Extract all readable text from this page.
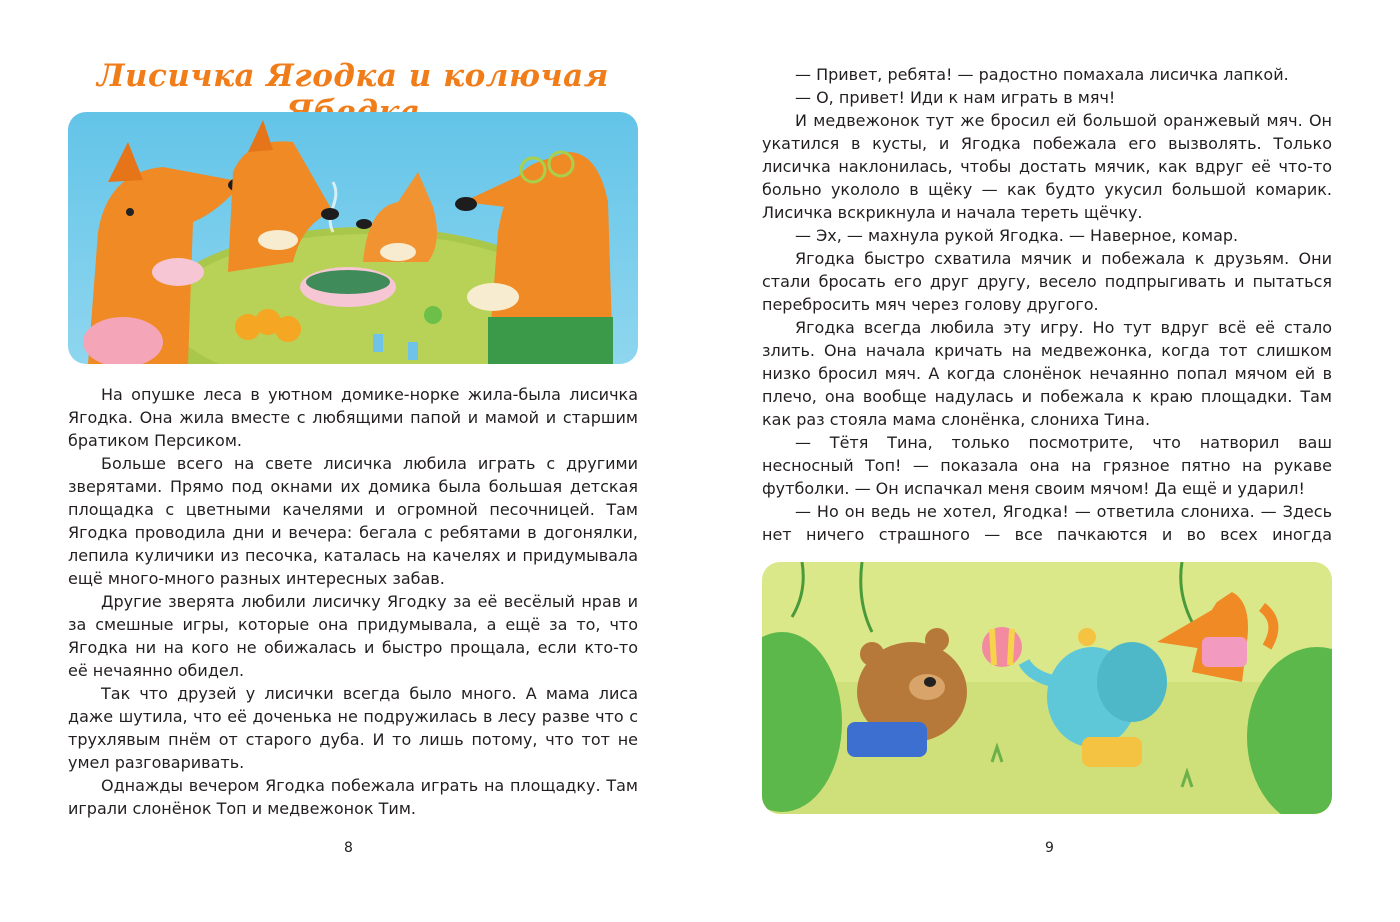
Лисичка Ягодка и колючая

На опушке леса в уютном домике-норке жила-была лисичка Ягодка. Она жила вместе с любящими папой и мамой и старшим братиком Персиком.

Больше всего на свете лисичка любила играть с другими зверятами. Прямо под окнами их домика была большая детская площадка с цветными качелями и огромной песочницей. Там Ягодка проводила дни и вечера: бегала с ребятами в догонялки, лепила куличики из песочка, каталась на качелях и придумывала ещё много-много разных интересных забав.

Другие зверята любили лисичку Ягодку за её весёлый нрав и за смешные игры, которые она придумывала, а ещё за то, что Ягодка ни на кого не обижалась и быстро прощала, если кто-то её нечаянно обидел.

Так что друзей у лисички всегда было много. А мама лиса даже шутила, что её доченька не подружилась в лесу разве что с трухлявым пнём от старого дуба. И то лишь потому, что тот не умел разговаривать.

Однажды вечером Ягодка побежала играть на площадку. Там играли слонёнок Топ и медвежонок Тим.

8

— Привет, ребята! — радостно помахала лисичка лапкой.

— О, привет! Иди к нам играть в мяч!

И медвежонок тут же бросил ей большой оранжевый мяч. Он укатился в кусты, и Ягодка побежала его вызволять. Только лисичка наклонилась, чтобы достать мячик, как вдруг её что-то больно укололо в щёку — как будто укусил большой комарик. Лисичка вскрикнула и начала тереть щёчку.

— Эх, — махнула рукой Ягодка. — Наверное, комар.

Ягодка быстро схватила мячик и побежала к друзьям. Они стали бросать его друг другу, весело подпрыгивать и пытаться перебросить мяч через голову другого.

Ягодка всегда любила эту игру. Но тут вдруг всё её стало злить. Она начала кричать на медвежонка, когда тот слишком низко бросил мяч. А когда слонёнок нечаянно попал мячом ей в плечо, она вообще надулась и побежала к краю площадки. Там как раз стояла мама слонёнка, слониха Тина.

— Тётя Тина, только посмотрите, что натворил ваш несносный Топ! — показала она на грязное пятно на рукаве футболки. — Он испачкал меня своим мячом! Да ещё и ударил!

— Но он ведь не хотел, Ягодка! — ответила слониха. — Здесь нет ничего страшного — все пачкаются и во всех иногда

9
